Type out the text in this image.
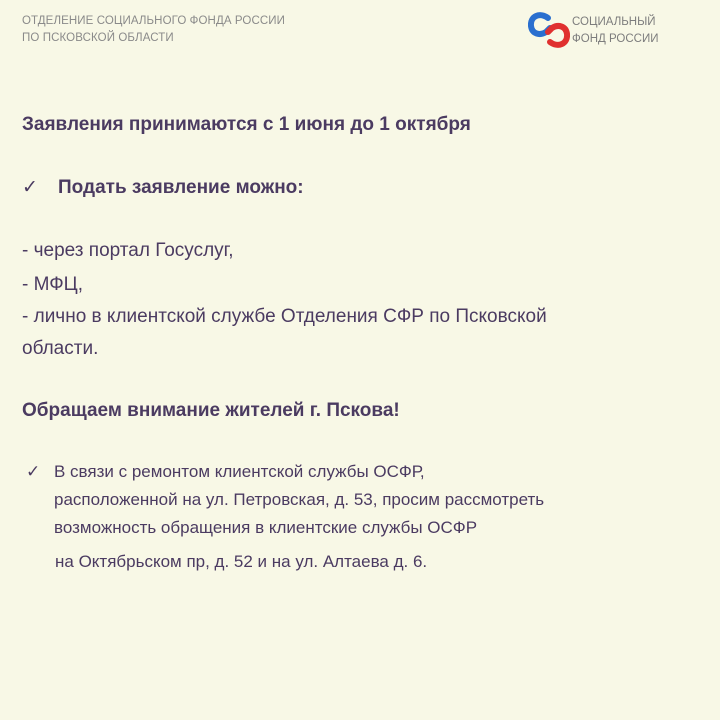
ОТДЕЛЕНИЕ СОЦИАЛЬНОГО ФОНДА РОССИИ
ПО ПСКОВСКОЙ ОБЛАСТИ
СОЦИАЛЬНЫЙ
ФОНД РОССИИ
Заявления принимаются с 1 июня до 1 октября
✓ Подать заявление можно:
- через портал Госуслуг,
- МФЦ,
- лично в клиентской службе Отделения СФР по Псковской
области.
Обращаем внимание жителей г. Пскова!
✓ В связи с ремонтом клиентской службы ОСФР,
расположенной на ул. Петровская, д. 53, просим рассмотреть
возможность обращения в клиентские службы ОСФР
на Октябрьском пр, д. 52 и на ул. Алтаева д. 6.
